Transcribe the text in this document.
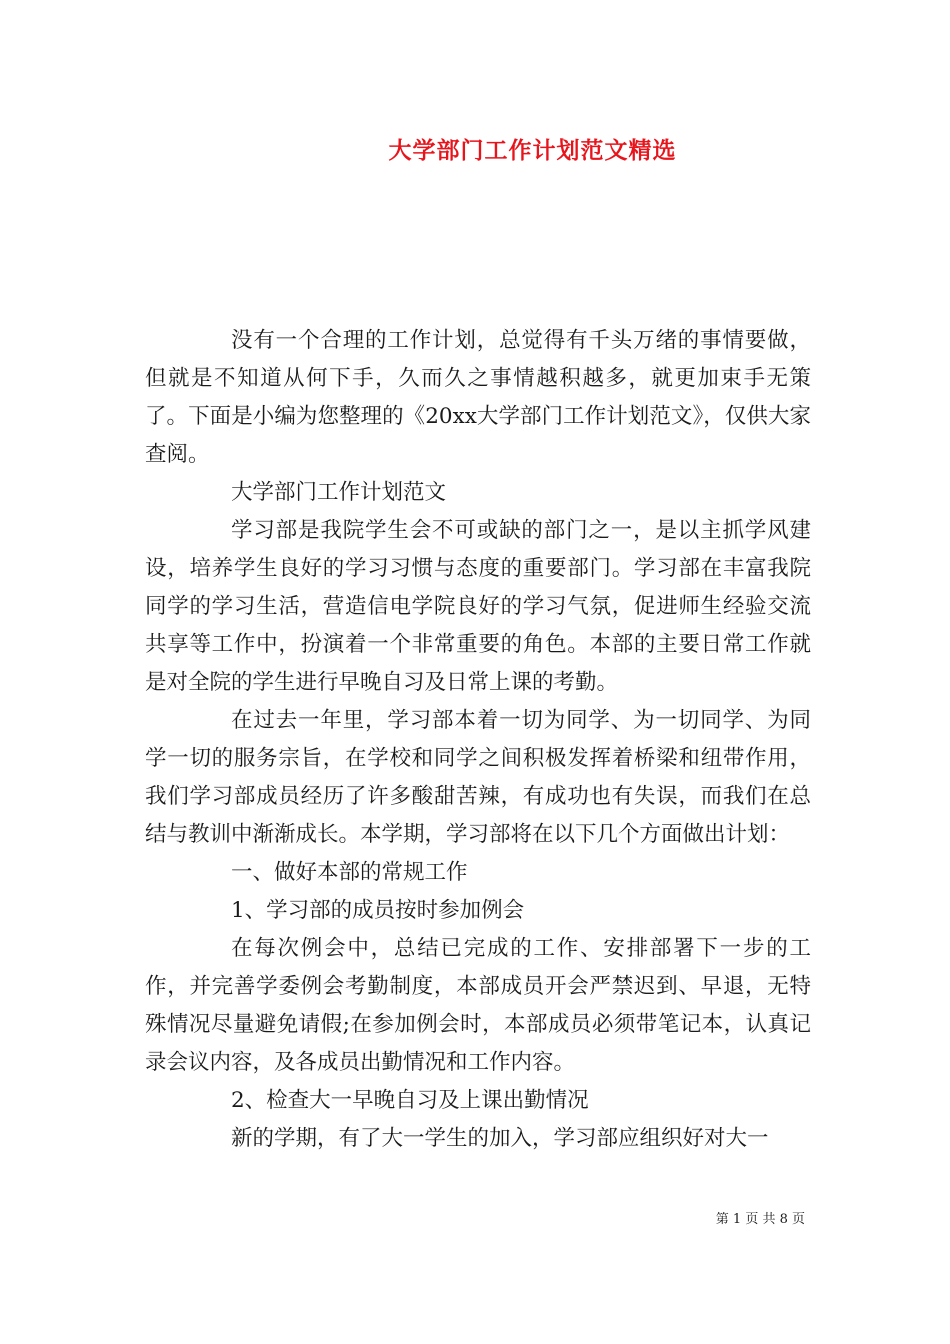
大学部门工作计划范文精选

没有一个合理的工作计划，总觉得有千头万绪的事情要做，但就是不知道从何下手，久而久之事情越积越多，就更加束手无策了。下面是小编为您整理的《20xx大学部门工作计划范文》，仅供大家查阅。

大学部门工作计划范文

学习部是我院学生会不可或缺的部门之一，是以主抓学风建设，培养学生良好的学习习惯与态度的重要部门。学习部在丰富我院同学的学习生活，营造信电学院良好的学习气氛，促进师生经验交流共享等工作中，扮演着一个非常重要的角色。本部的主要日常工作就是对全院的学生进行早晚自习及日常上课的考勤。

在过去一年里，学习部本着一切为同学、为一切同学、为同学一切的服务宗旨，在学校和同学之间积极发挥着桥梁和纽带作用，我们学习部成员经历了许多酸甜苦辣，有成功也有失误，而我们在总结与教训中渐渐成长。本学期，学习部将在以下几个方面做出计划：

一、做好本部的常规工作

1、学习部的成员按时参加例会

在每次例会中，总结已完成的工作、安排部署下一步的工作，并完善学委例会考勤制度，本部成员开会严禁迟到、早退，无特殊情况尽量避免请假;在参加例会时，本部成员必须带笔记本，认真记录会议内容，及各成员出勤情况和工作内容。

2、检查大一早晚自习及上课出勤情况

新的学期，有了大一学生的加入，学习部应组织好对大一

第 1 页 共 8 页
